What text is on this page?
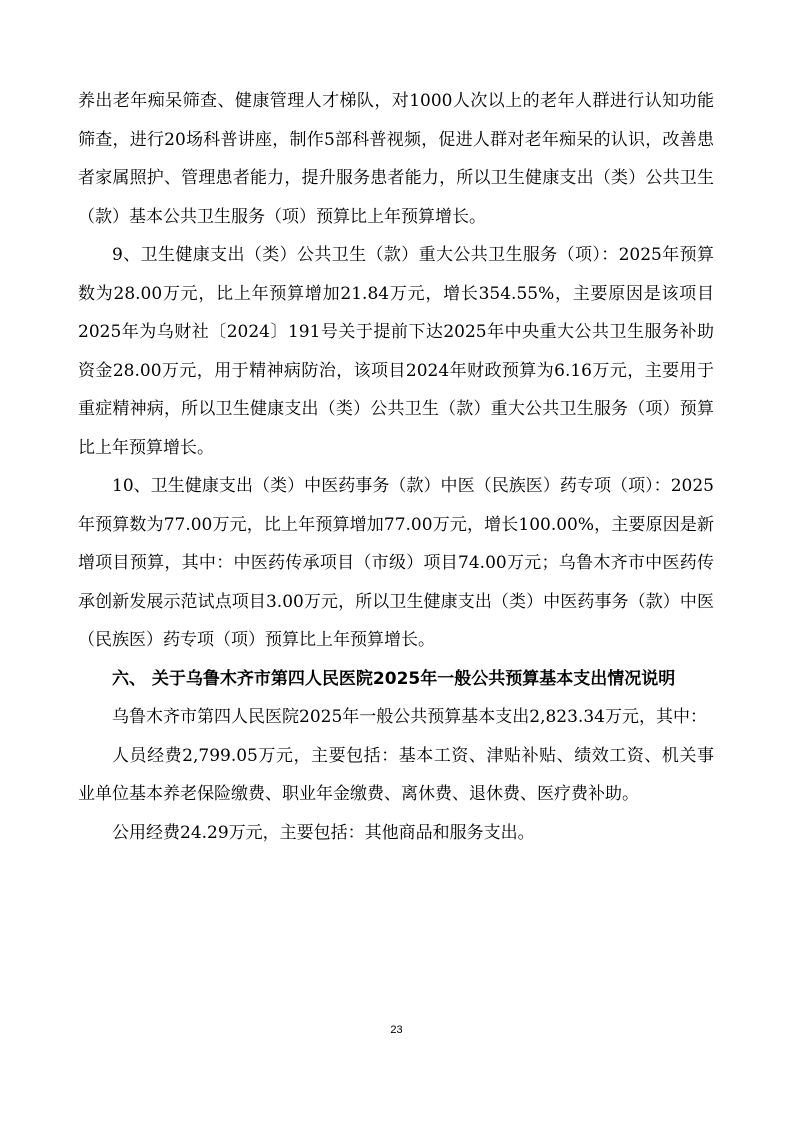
养出老年痴呆筛查、健康管理人才梯队，对1000人次以上的老年人群进行认知功能筛查，进行20场科普讲座，制作5部科普视频，促进人群对老年痴呆的认识，改善患者家属照护、管理患者能力，提升服务患者能力，所以卫生健康支出（类）公共卫生（款）基本公共卫生服务（项）预算比上年预算增长。

9、卫生健康支出（类）公共卫生（款）重大公共卫生服务（项）：2025年预算数为28.00万元，比上年预算增加21.84万元，增长354.55%，主要原因是该项目2025年为乌财社〔2024〕191号关于提前下达2025年中央重大公共卫生服务补助资金28.00万元，用于精神病防治，该项目2024年财政预算为6.16万元，主要用于重症精神病，所以卫生健康支出（类）公共卫生（款）重大公共卫生服务（项）预算比上年预算增长。

10、卫生健康支出（类）中医药事务（款）中医（民族医）药专项（项）：2025年预算数为77.00万元，比上年预算增加77.00万元，增长100.00%，主要原因是新增项目预算，其中：中医药传承项目（市级）项目74.00万元；乌鲁木齐市中医药传承创新发展示范试点项目3.00万元，所以卫生健康支出（类）中医药事务（款）中医（民族医）药专项（项）预算比上年预算增长。

六、 关于乌鲁木齐市第四人民医院2025年一般公共预算基本支出情况说明

乌鲁木齐市第四人民医院2025年一般公共预算基本支出2,823.34万元，其中：

人员经费2,799.05万元，主要包括：基本工资、津贴补贴、绩效工资、机关事业单位基本养老保险缴费、职业年金缴费、离休费、退休费、医疗费补助。

公用经费24.29万元，主要包括：其他商品和服务支出。

23
